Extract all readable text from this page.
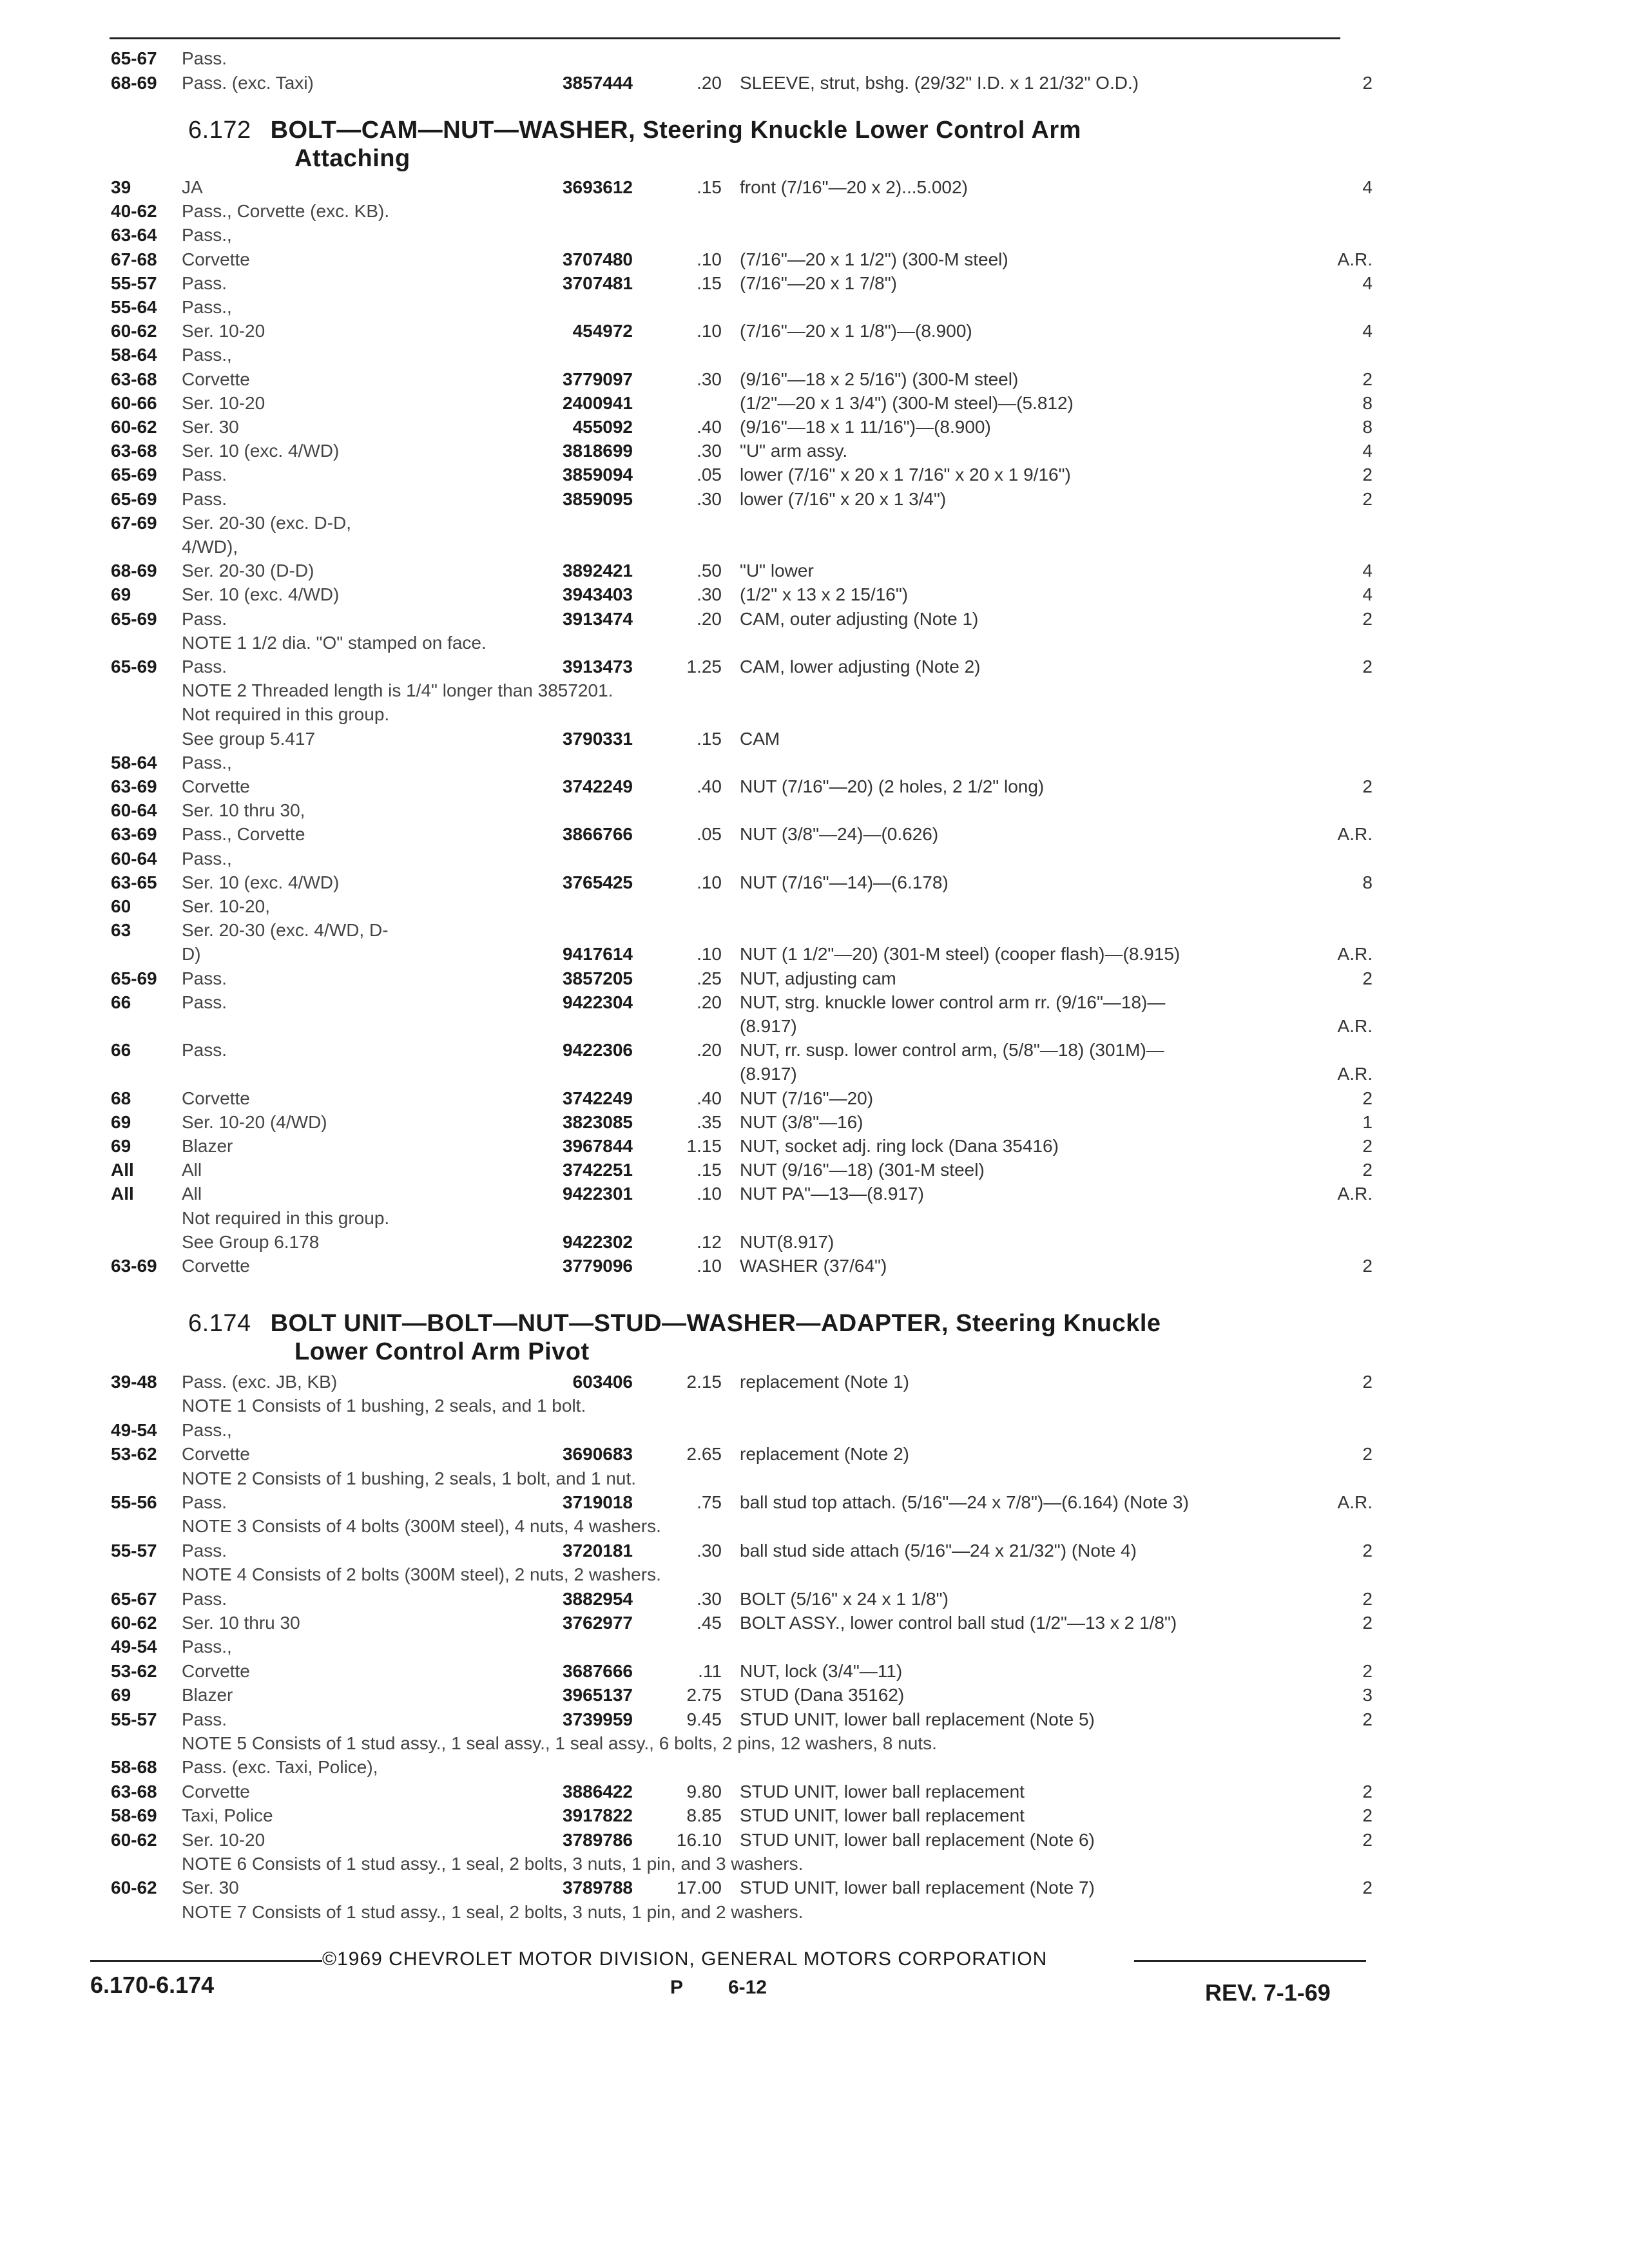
65-67	Pass.
68-69	Pass. (exc. Taxi)	3857444	.20 SLEEVE, strut, bshg. (29/32" I.D. x 1 21/32" O.D.)	2
6.172 BOLT—CAM—NUT—WASHER, Steering Knuckle Lower Control Arm
Attaching
39	JA	3693612	.15 front (7/16"—20 x 2)...5.002)	4
40-62	Pass., Corvette (exc. KB).
63-64	Pass.,
67-68	Corvette	3707480	.10 (7/16"—20 x 1 1/2") (300-M steel)	A.R.
55-57	Pass.	3707481	.15 (7/16"—20 x 1 7/8")	4
55-64	Pass.,
60-62	Ser. 10-20	454972	.10 (7/16"—20 x 1 1/8")—(8.900)	4
58-64	Pass.,
63-68	Corvette	3779097	.30 (9/16"—18 x 2 5/16") (300-M steel)	2
60-66	Ser. 10-20	2400941	(1/2"—20 x 1 3/4") (300-M steel)—(5.812)	8
60-62	Ser. 30	455092	.40 (9/16"—18 x 1 11/16")—(8.900)	8
63-68	Ser. 10 (exc. 4/WD)	3818699	.30 "U" arm assy.	4
65-69	Pass.	3859094	.05 lower (7/16" x 20 x 1 7/16" x 20 x 1 9/16")	2
65-69	Pass.	3859095	.30 lower (7/16" x 20 x 1 3/4")	2
67-69	Ser. 20-30 (exc. D-D,
4/WD),
68-69	Ser. 20-30 (D-D)	3892421	.50 "U" lower	4
69	Ser. 10 (exc. 4/WD)	3943403	.30 (1/2" x 13 x 2 15/16")	4
65-69	Pass.	3913474	.20 CAM, outer adjusting (Note 1)	2
NOTE 1 1/2 dia. "O" stamped on face.
65-69	Pass.	3913473	1.25 CAM, lower adjusting (Note 2)	2
NOTE 2 Threaded length is 1/4" longer than 3857201.
Not required in this group.
See group 5.417	3790331	.15 CAM
58-64	Pass.,
63-69	Corvette	3742249	.40 NUT (7/16"—20) (2 holes, 2 1/2" long)	2
60-64	Ser. 10 thru 30,
63-69	Pass., Corvette	3866766	.05 NUT (3/8"—24)—(0.626)	A.R.
60-64	Pass.,
63-65	Ser. 10 (exc. 4/WD)	3765425	.10 NUT (7/16"—14)—(6.178)	8
60	Ser. 10-20,
63	Ser. 20-30 (exc. 4/WD, D-
D)	9417614	.10 NUT (1 1/2"—20) (301-M steel) (cooper flash)—(8.915)	A.R.
65-69	Pass.	3857205	.25 NUT, adjusting cam	2
66	Pass.	9422304	.20 NUT, strg. knuckle lower control arm rr. (9/16"—18)—
(8.917)	A.R.
66	Pass.	9422306	.20 NUT, rr. susp. lower control arm, (5/8"—18) (301M)—
(8.917)	A.R.
68	Corvette	3742249	.40 NUT (7/16"—20)	2
69	Ser. 10-20 (4/WD)	3823085	.35 NUT (3/8"—16)	1
69	Blazer	3967844	1.15 NUT, socket adj. ring lock (Dana 35416)	2
All	All	3742251	.15 NUT (9/16"—18) (301-M steel)	2
All	All	9422301	.10 NUT PA"—13—(8.917)	A.R.
Not required in this group.
See Group 6.178	9422302	.12 NUT(8.917)
63-69	Corvette	3779096	.10 WASHER (37/64")	2
6.174 BOLT UNIT—BOLT—NUT—STUD—WASHER—ADAPTER, Steering Knuckle
Lower Control Arm Pivot
39-48	Pass. (exc. JB, KB)	603406	2.15 replacement (Note 1)	2
NOTE 1 Consists of 1 bushing, 2 seals, and 1 bolt.
49-54	Pass.,
53-62	Corvette	3690683	2.65 replacement (Note 2)	2
NOTE 2 Consists of 1 bushing, 2 seals, 1 bolt, and 1 nut.
55-56	Pass.	3719018	.75 ball stud top attach. (5/16"—24 x 7/8")—(6.164) (Note 3)	A.R.
NOTE 3 Consists of 4 bolts (300M steel), 4 nuts, 4 washers.
55-57	Pass.	3720181	.30 ball stud side attach (5/16"—24 x 21/32") (Note 4)	2
NOTE 4 Consists of 2 bolts (300M steel), 2 nuts, 2 washers.
65-67	Pass.	3882954	.30 BOLT (5/16" x 24 x 1 1/8")	2
60-62	Ser. 10 thru 30	3762977	.45 BOLT ASSY., lower control ball stud (1/2"—13 x 2 1/8")	2
49-54	Pass.,
53-62	Corvette	3687666	.11 NUT, lock (3/4"—11)	2
69	Blazer	3965137	2.75 STUD (Dana 35162)	3
55-57	Pass.	3739959	9.45 STUD UNIT, lower ball replacement (Note 5)	2
NOTE 5 Consists of 1 stud assy., 1 seal assy., 1 seal assy., 6 bolts, 2 pins, 12 washers, 8 nuts.
58-68	Pass. (exc. Taxi, Police),
63-68	Corvette	3886422	9.80 STUD UNIT, lower ball replacement	2
58-69	Taxi, Police	3917822	8.85 STUD UNIT, lower ball replacement	2
60-62	Ser. 10-20	3789786	16.10 STUD UNIT, lower ball replacement (Note 6)	2
NOTE 6 Consists of 1 stud assy., 1 seal, 2 bolts, 3 nuts, 1 pin, and 3 washers.
60-62	Ser. 30	3789788	17.00 STUD UNIT, lower ball replacement (Note 7)	2
NOTE 7 Consists of 1 stud assy., 1 seal, 2 bolts, 3 nuts, 1 pin, and 2 washers.
©1969 CHEVROLET MOTOR DIVISION, GENERAL MOTORS CORPORATION
6.170-6.174	P 6-12	REV. 7-1-69
